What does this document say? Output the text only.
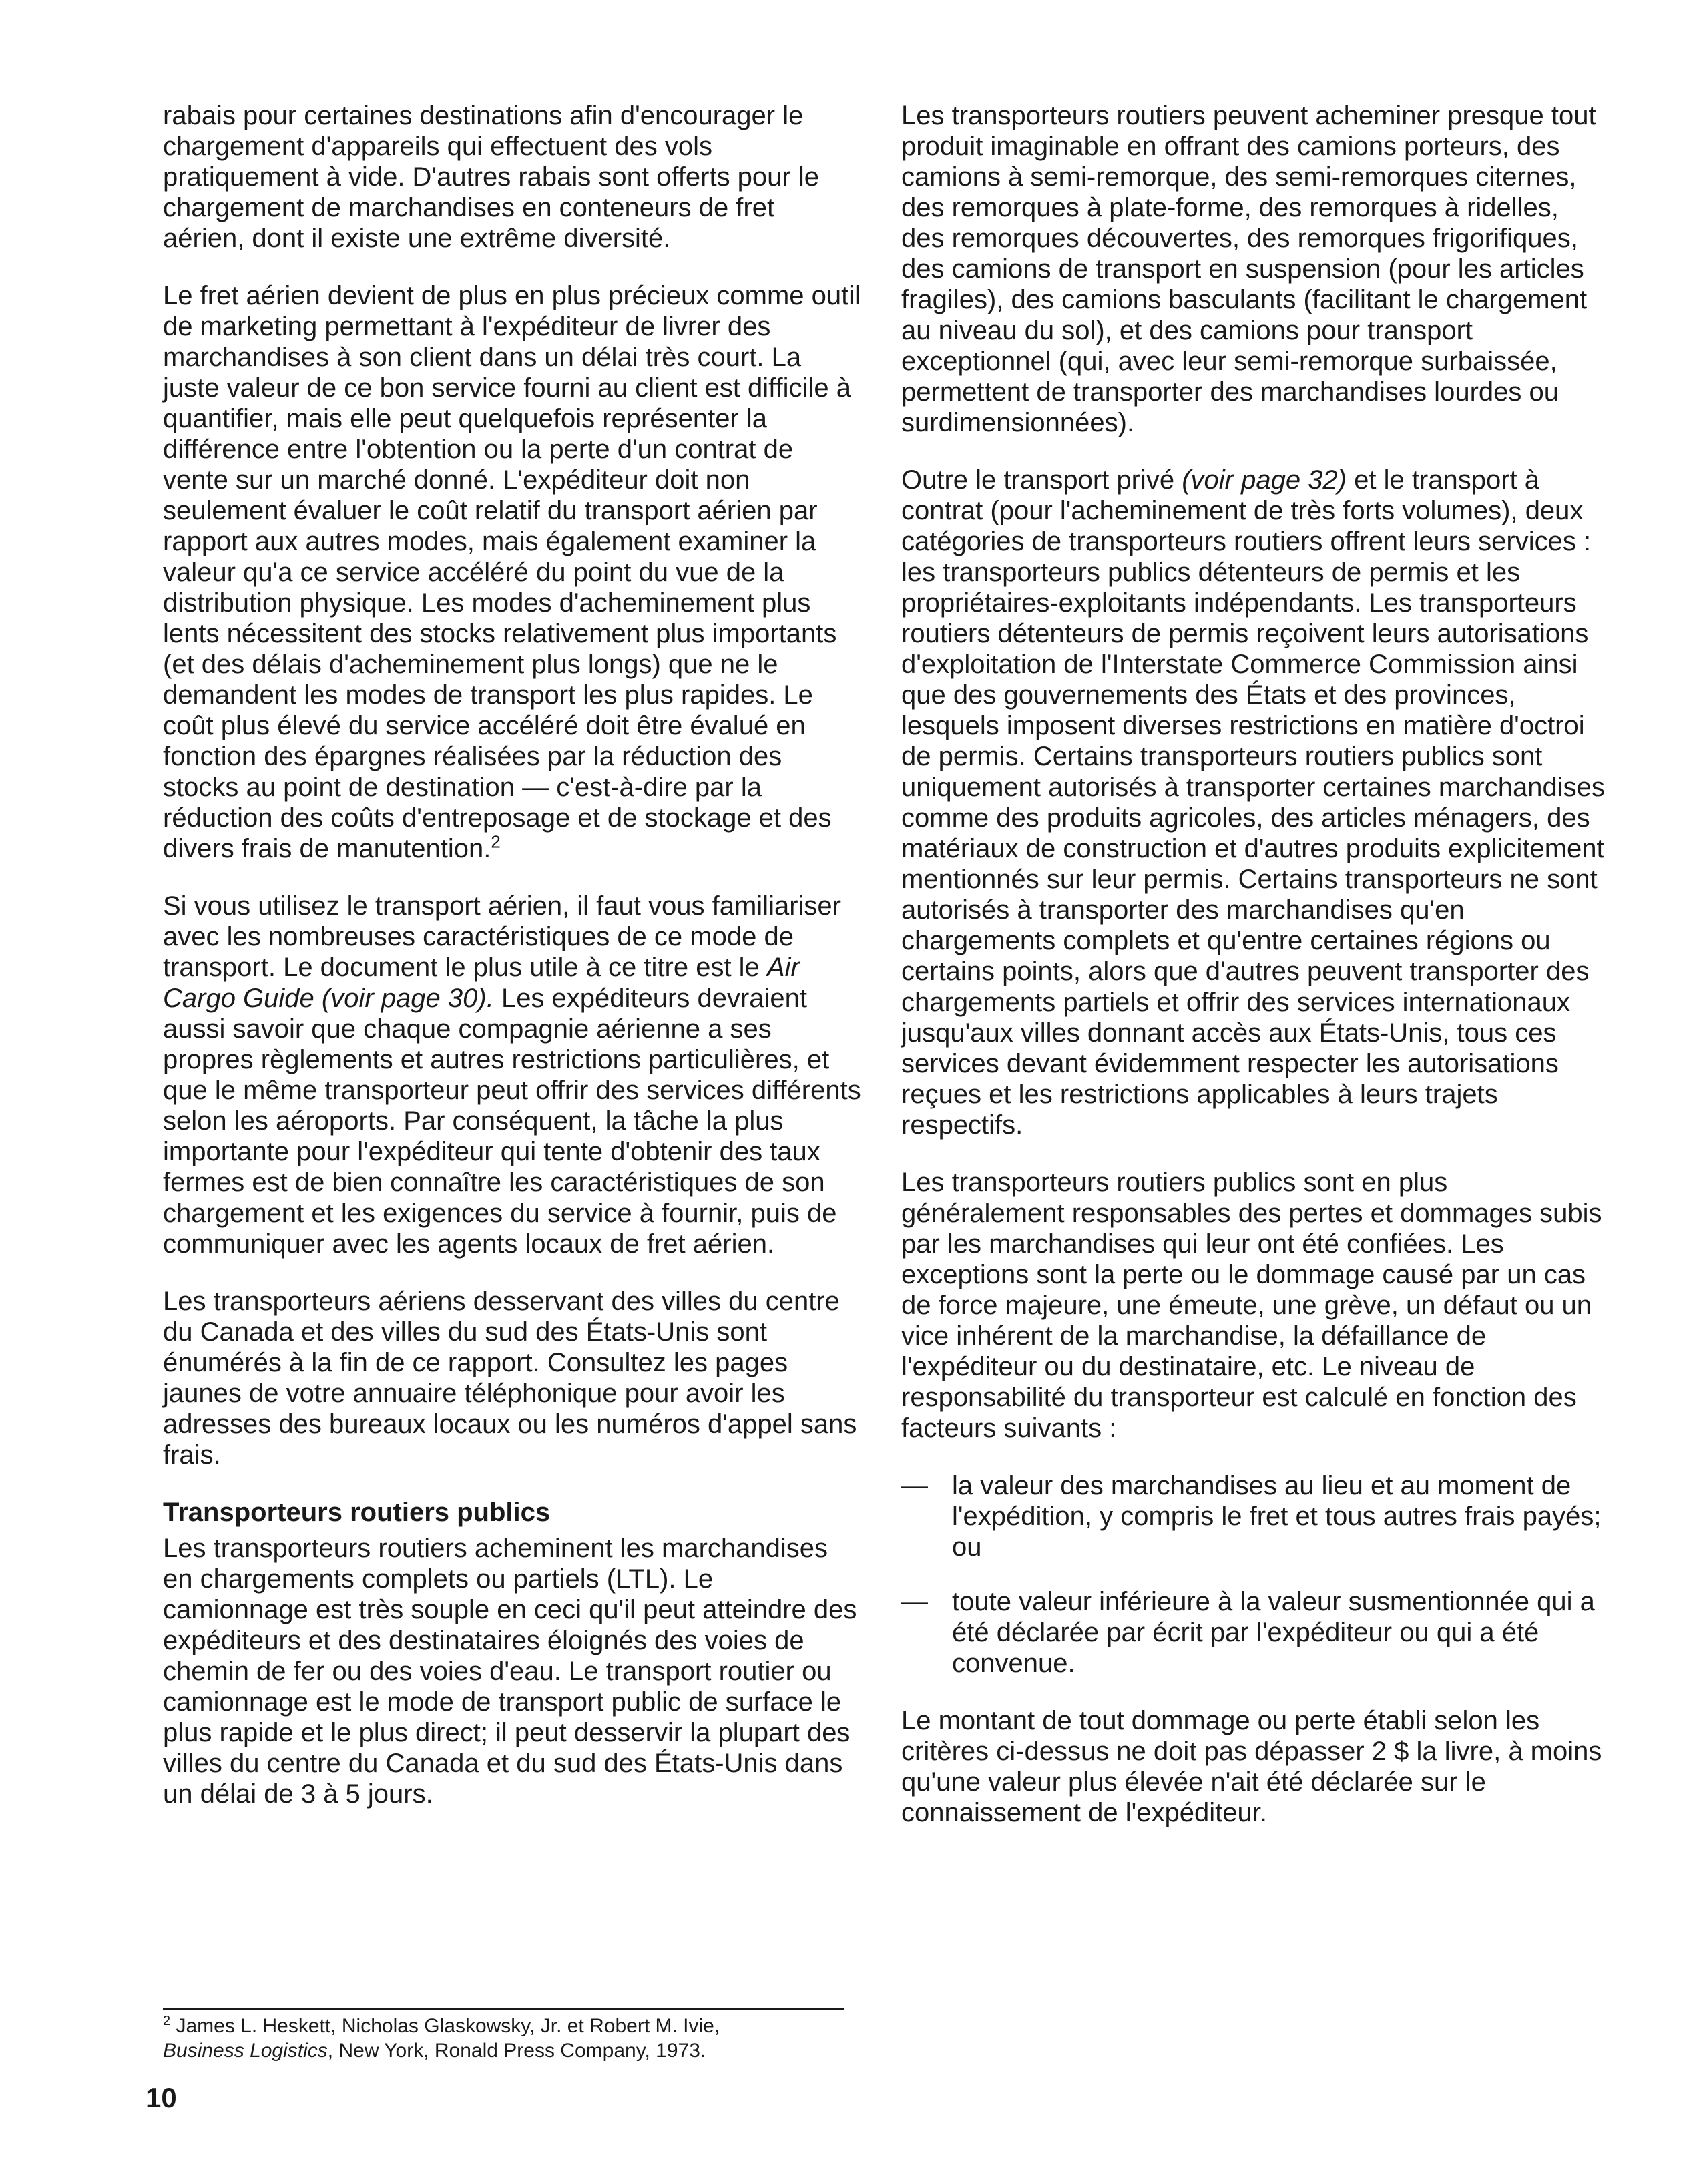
rabais pour certaines destinations afin d'encourager le chargement d'appareils qui effectuent des vols pratiquement à vide. D'autres rabais sont offerts pour le chargement de marchandises en conteneurs de fret aérien, dont il existe une extrême diversité.

Le fret aérien devient de plus en plus précieux comme outil de marketing permettant à l'expéditeur de livrer des marchandises à son client dans un délai très court. La juste valeur de ce bon service fourni au client est difficile à quantifier, mais elle peut quelquefois représenter la différence entre l'obtention ou la perte d'un contrat de vente sur un marché donné. L'expéditeur doit non seulement évaluer le coût relatif du transport aérien par rapport aux autres modes, mais également examiner la valeur qu'a ce service accéléré du point du vue de la distribution physique. Les modes d'acheminement plus lents nécessitent des stocks relativement plus importants (et des délais d'acheminement plus longs) que ne le demandent les modes de transport les plus rapides. Le coût plus élevé du service accéléré doit être évalué en fonction des épargnes réalisées par la réduction des stocks au point de destination — c'est-à-dire par la réduction des coûts d'entreposage et de stockage et des divers frais de manutention.$^2$

Si vous utilisez le transport aérien, il faut vous familiariser avec les nombreuses caractéristiques de ce mode de transport. Le document le plus utile à ce titre est le Air Cargo Guide (voir page 30). Les expéditeurs devraient aussi savoir que chaque compagnie aérienne a ses propres règlements et autres restrictions particulières, et que le même transporteur peut offrir des services différents selon les aéroports. Par conséquent, la tâche la plus importante pour l'expéditeur qui tente d'obtenir des taux fermes est de bien connaître les caractéristiques de son chargement et les exigences du service à fournir, puis de communiquer avec les agents locaux de fret aérien.

Les transporteurs aériens desservant des villes du centre du Canada et des villes du sud des États-Unis sont énumérés à la fin de ce rapport. Consultez les pages jaunes de votre annuaire téléphonique pour avoir les adresses des bureaux locaux ou les numéros d'appel sans frais.

Transporteurs routiers publics

Les transporteurs routiers acheminent les marchandises en chargements complets ou partiels (LTL). Le camionnage est très souple en ceci qu'il peut atteindre des expéditeurs et des destinataires éloignés des voies de chemin de fer ou des voies d'eau. Le transport routier ou camionnage est le mode de transport public de surface le plus rapide et le plus direct; il peut desservir la plupart des villes du centre du Canada et du sud des États-Unis dans un délai de 3 à 5 jours.

Les transporteurs routiers peuvent acheminer presque tout produit imaginable en offrant des camions porteurs, des camions à semi-remorque, des semi-remorques citernes, des remorques à plate-forme, des remorques à ridelles, des remorques découvertes, des remorques frigorifiques, des camions de transport en suspension (pour les articles fragiles), des camions basculants (facilitant le chargement au niveau du sol), et des camions pour transport exceptionnel (qui, avec leur semi-remorque surbaissée, permettent de transporter des marchandises lourdes ou surdimensionnées).

Outre le transport privé (voir page 32) et le transport à contrat (pour l'acheminement de très forts volumes), deux catégories de transporteurs routiers offrent leurs services : les transporteurs publics détenteurs de permis et les propriétaires-exploitants indépendants. Les transporteurs routiers détenteurs de permis reçoivent leurs autorisations d'exploitation de l'Interstate Commerce Commission ainsi que des gouvernements des États et des provinces, lesquels imposent diverses restrictions en matière d'octroi de permis. Certains transporteurs routiers publics sont uniquement autorisés à transporter certaines marchandises comme des produits agricoles, des articles ménagers, des matériaux de construction et d'autres produits explicitement mentionnés sur leur permis. Certains transporteurs ne sont autorisés à transporter des marchandises qu'en chargements complets et qu'entre certaines régions ou certains points, alors que d'autres peuvent transporter des chargements partiels et offrir des services internationaux jusqu'aux villes donnant accès aux États-Unis, tous ces services devant évidemment respecter les autorisations reçues et les restrictions applicables à leurs trajets respectifs.

Les transporteurs routiers publics sont en plus généralement responsables des pertes et dommages subis par les marchandises qui leur ont été confiées. Les exceptions sont la perte ou le dommage causé par un cas de force majeure, une émeute, une grève, un défaut ou un vice inhérent de la marchandise, la défaillance de l'expéditeur ou du destinataire, etc. Le niveau de responsabilité du transporteur est calculé en fonction des facteurs suivants :

— la valeur des marchandises au lieu et au moment de l'expédition, y compris le fret et tous autres frais payés; ou
— toute valeur inférieure à la valeur susmentionnée qui a été déclarée par écrit par l'expéditeur ou qui a été convenue.

Le montant de tout dommage ou perte établi selon les critères ci-dessus ne doit pas dépasser 2 $ la livre, à moins qu'une valeur plus élevée n'ait été déclarée sur le connaissement de l'expéditeur.

$^2$ James L. Heskett, Nicholas Glaskowsky, Jr. et Robert M. Ivie,
Business Logistics, New York, Ronald Press Company, 1973.
10
